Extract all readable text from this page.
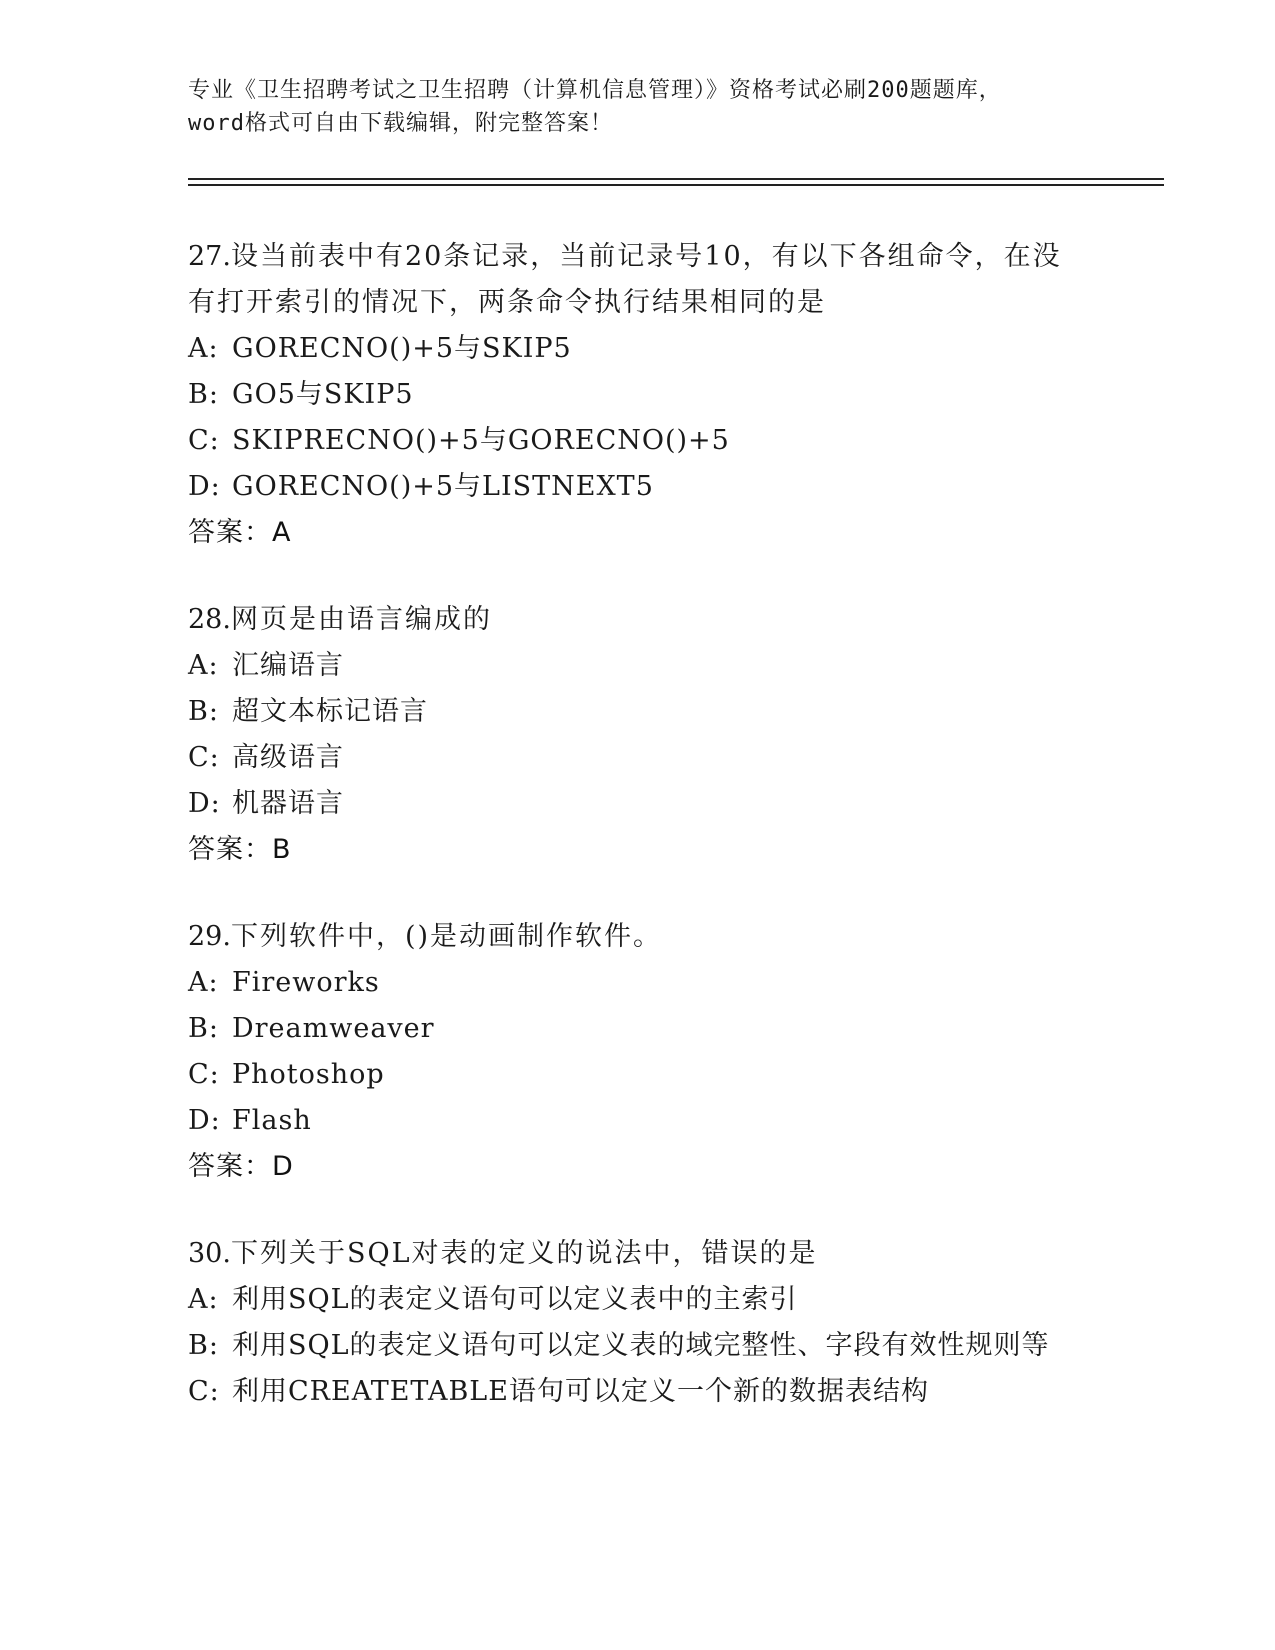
专业《卫生招聘考试之卫生招聘（计算机信息管理）》资格考试必刷200题题库，
word格式可自由下载编辑，附完整答案！
27.设当前表中有20条记录，当前记录号10，有以下各组命令，在没
有打开索引的情况下，两条命令执行结果相同的是
A: GORECNO()+5与SKIP5
B: GO5与SKIP5
C: SKIPRECNO()+5与GORECNO()+5
D: GORECNO()+5与LISTNEXT5
答案：A
28.网页是由语言编成的
A: 汇编语言
B: 超文本标记语言
C: 高级语言
D: 机器语言
答案：B
29.下列软件中，()是动画制作软件。
A: Fireworks
B: Dreamweaver
C: Photoshop
D: Flash
答案：D
30.下列关于SQL对表的定义的说法中，错误的是
A: 利用SQL的表定义语句可以定义表中的主索引
B: 利用SQL的表定义语句可以定义表的域完整性、字段有效性规则等
C: 利用CREATETABLE语句可以定义一个新的数据表结构
